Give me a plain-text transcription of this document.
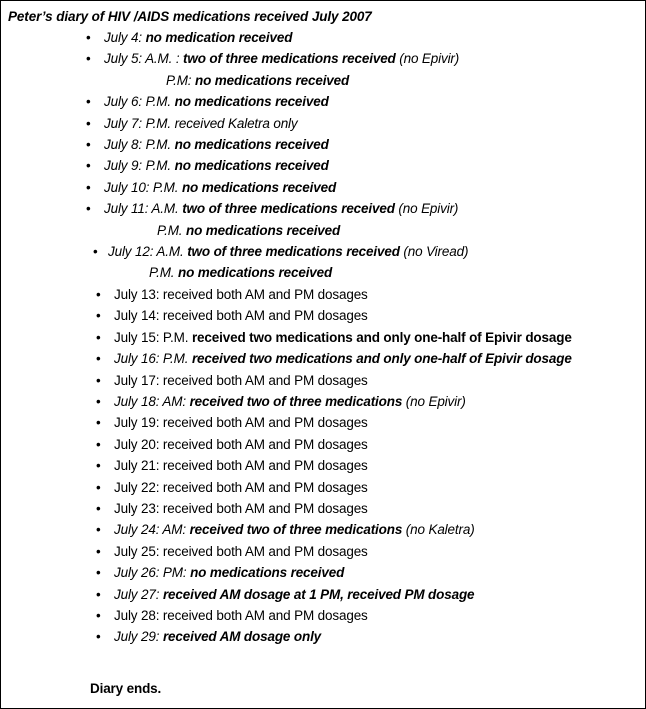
Peter’s diary of HIV /AIDS medications received July 2007
•
July 4: no medication received
•
July 5: A.M. : two of three medications received (no Epivir)
P.M: no medications received
•
July 6: P.M. no medications received
•
July 7: P.M. received Kaletra only
•
July 8: P.M. no medications received
•
July 9: P.M. no medications received
•
July 10: P.M. no medications received
•
July 11: A.M. two of three medications received (no Epivir)
P.M. no medications received
•
July 12: A.M. two of three medications received (no Viread)
P.M. no medications received
•
July 13: received both AM and PM dosages
•
July 14: received both AM and PM dosages
•
July 15: P.M. received two medications and only one-half of Epivir dosage
•
July 16: P.M. received two medications and only one-half of Epivir dosage
•
July 17: received both AM and PM dosages
•
July 18: AM: received two of three medications (no Epivir)
•
July 19: received both AM and PM dosages
•
July 20: received both AM and PM dosages
•
July 21: received both AM and PM dosages
•
July 22: received both AM and PM dosages
•
July 23: received both AM and PM dosages
•
July 24: AM: received two of three medications (no Kaletra)
•
July 25: received both AM and PM dosages
•
July 26: PM: no medications received
•
July 27: received AM dosage at 1 PM, received PM dosage
•
July 28: received both AM and PM dosages
•
July 29: received AM dosage only
Diary ends.
